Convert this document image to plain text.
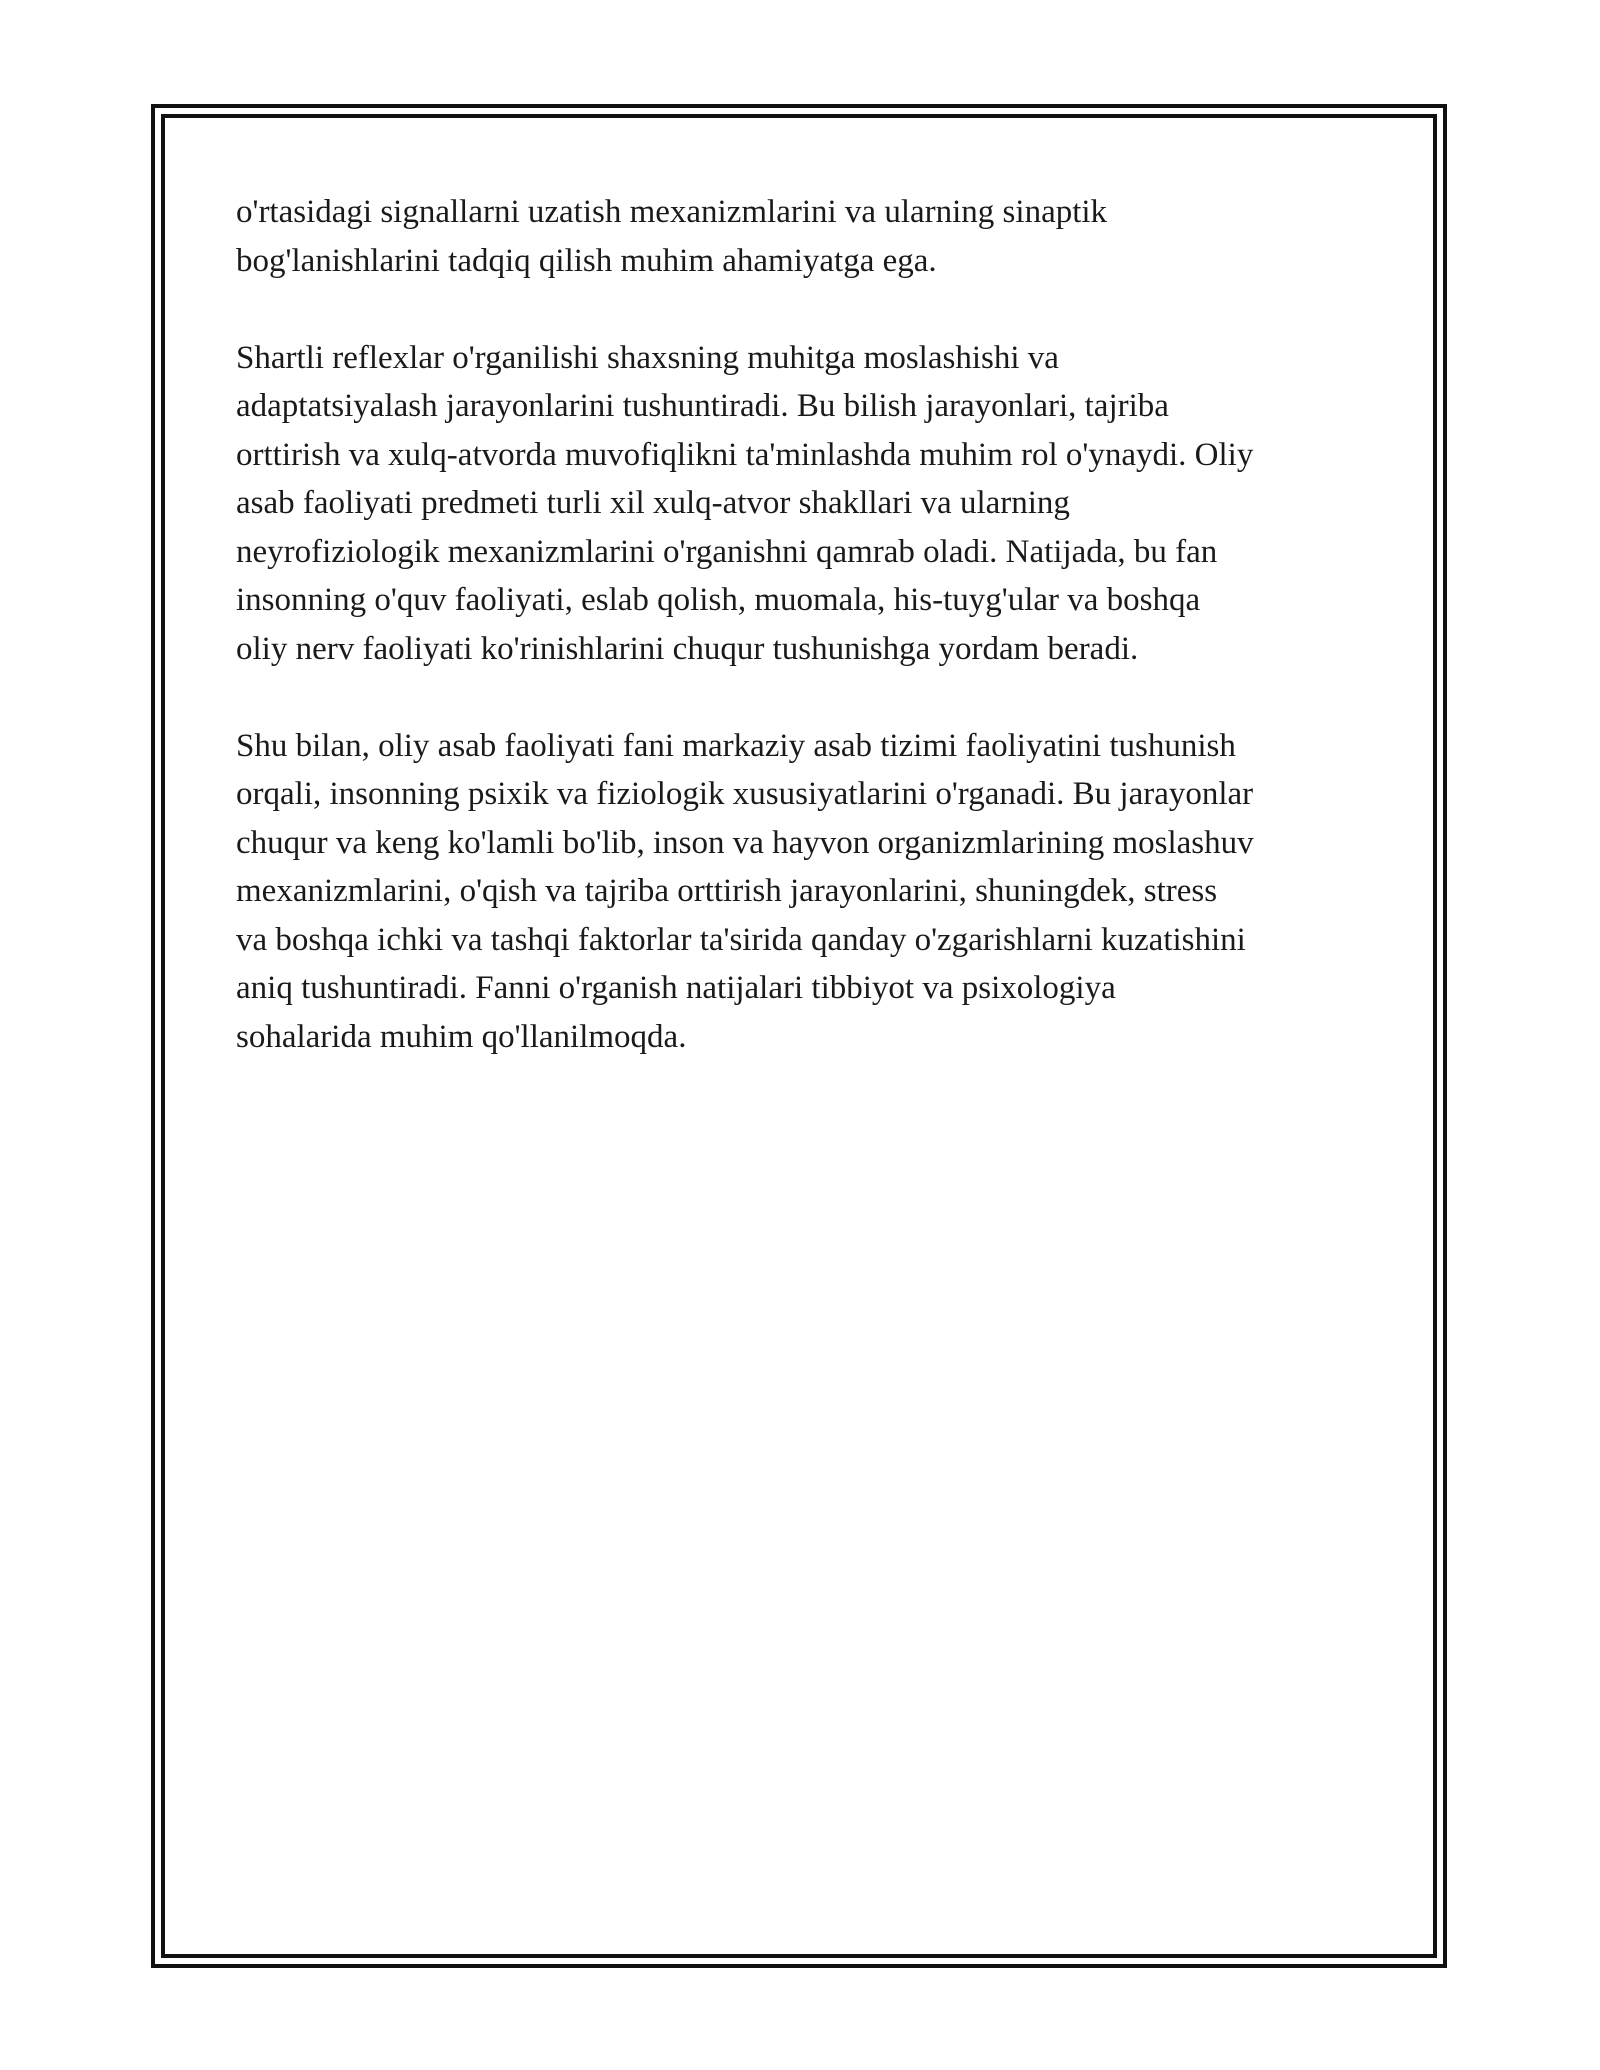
o'rtasidagi signallarni uzatish mexanizmlarini va ularning sinaptik
bog'lanishlarini tadqiq qilish muhim ahamiyatga ega.

Shartli reflexlar o'rganilishi shaxsning muhitga moslashishi va
adaptatsiyalash jarayonlarini tushuntiradi. Bu bilish jarayonlari, tajriba
orttirish va xulq-atvorda muvofiqlikni ta'minlashda muhim rol o'ynaydi. Oliy
asab faoliyati predmeti turli xil xulq-atvor shakllari va ularning
neyrofiziologik mexanizmlarini o'rganishni qamrab oladi. Natijada, bu fan
insonning o'quv faoliyati, eslab qolish, muomala, his-tuyg'ular va boshqa
oliy nerv faoliyati ko'rinishlarini chuqur tushunishga yordam beradi.

Shu bilan, oliy asab faoliyati fani markaziy asab tizimi faoliyatini tushunish
orqali, insonning psixik va fiziologik xususiyatlarini o'rganadi. Bu jarayonlar
chuqur va keng ko'lamli bo'lib, inson va hayvon organizmlarining moslashuv
mexanizmlarini, o'qish va tajriba orttirish jarayonlarini, shuningdek, stress
va boshqa ichki va tashqi faktorlar ta'sirida qanday o'zgarishlarni kuzatishini
aniq tushuntiradi. Fanni o'rganish natijalari tibbiyot va psixologiya
sohalarida muhim qo'llanilmoqda.
